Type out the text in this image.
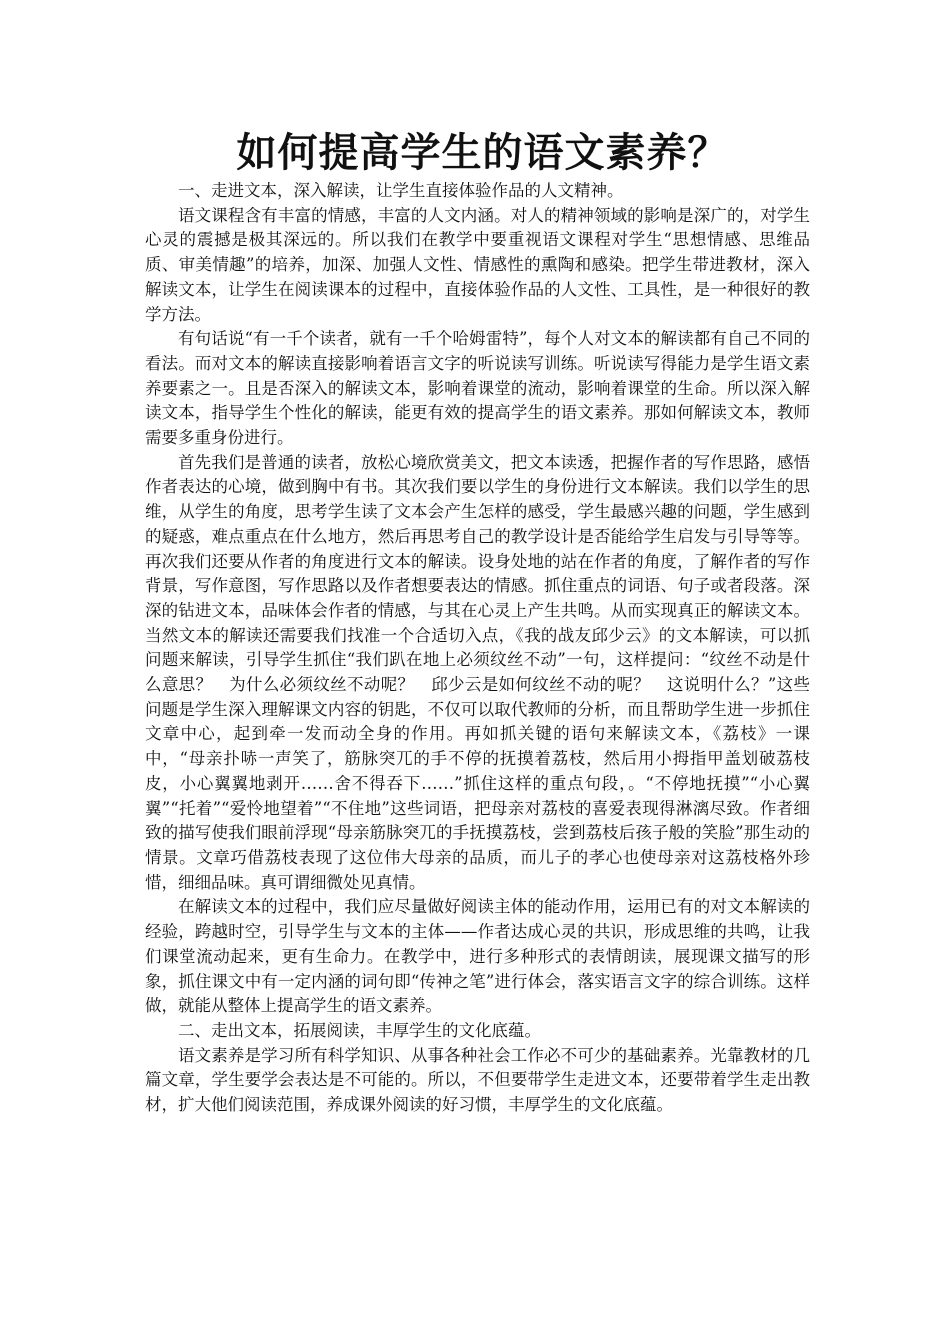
如何提高学生的语文素养？

一、走进文本，深入解读，让学生直接体验作品的人文精神。

语文课程含有丰富的情感，丰富的人文内涵。对人的精神领域的影响是深广的，对学生心灵的震撼是极其深远的。所以我们在教学中要重视语文课程对学生“思想情感、思维品质、审美情趣”的培养，加深、加强人文性、情感性的熏陶和感染。把学生带进教材，深入解读文本，让学生在阅读课本的过程中，直接体验作品的人文性、工具性，是一种很好的教学方法。

有句话说“有一千个读者，就有一千个哈姆雷特”，每个人对文本的解读都有自己不同的看法。而对文本的解读直接影响着语言文字的听说读写训练。听说读写得能力是学生语文素养要素之一。且是否深入的解读文本，影响着课堂的流动，影响着课堂的生命。所以深入解读文本，指导学生个性化的解读，能更有效的提高学生的语文素养。那如何解读文本，教师需要多重身份进行。

首先我们是普通的读者，放松心境欣赏美文，把文本读透，把握作者的写作思路，感悟作者表达的心境，做到胸中有书。其次我们要以学生的身份进行文本解读。我们以学生的思维，从学生的角度，思考学生读了文本会产生怎样的感受，学生最感兴趣的问题，学生感到的疑惑，难点重点在什么地方，然后再思考自己的教学设计是否能给学生启发与引导等等。再次我们还要从作者的角度进行文本的解读。设身处地的站在作者的角度，了解作者的写作背景，写作意图，写作思路以及作者想要表达的情感。抓住重点的词语、句子或者段落。深深的钻进文本，品味体会作者的情感，与其在心灵上产生共鸣。从而实现真正的解读文本。当然文本的解读还需要我们找准一个合适切入点，《我的战友邱少云》的文本解读，可以抓问题来解读，引导学生抓住“我们趴在地上必须纹丝不动”一句，这样提问：“纹丝不动是什么意思？　为什么必须纹丝不动呢？　邱少云是如何纹丝不动的呢？　这说明什么？”这些问题是学生深入理解课文内容的钥匙，不仅可以取代教师的分析，而且帮助学生进一步抓住文章中心，起到牵一发而动全身的作用。再如抓关键的语句来解读文本，《荔枝》一课中，“母亲扑哧一声笑了，筋脉突兀的手不停的抚摸着荔枝，然后用小拇指甲盖划破荔枝皮，小心翼翼地剥开……舍不得吞下……”抓住这样的重点句段，。“不停地抚摸”“小心翼翼”“托着”“爱怜地望着”“不住地”这些词语，把母亲对荔枝的喜爱表现得淋漓尽致。作者细致的描写使我们眼前浮现“母亲筋脉突兀的手抚摸荔枝，尝到荔枝后孩子般的笑脸”那生动的情景。文章巧借荔枝表现了这位伟大母亲的品质，而儿子的孝心也使母亲对这荔枝格外珍惜，细细品味。真可谓细微处见真情。

在解读文本的过程中，我们应尽量做好阅读主体的能动作用，运用已有的对文本解读的经验，跨越时空，引导学生与文本的主体——作者达成心灵的共识，形成思维的共鸣，让我们课堂流动起来，更有生命力。在教学中，进行多种形式的表情朗读，展现课文描写的形象，抓住课文中有一定内涵的词句即“传神之笔”进行体会，落实语言文字的综合训练。这样做，就能从整体上提高学生的语文素养。

二、走出文本，拓展阅读，丰厚学生的文化底蕴。

语文素养是学习所有科学知识、从事各种社会工作必不可少的基础素养。光靠教材的几篇文章，学生要学会表达是不可能的。所以，不但要带学生走进文本，还要带着学生走出教材，扩大他们阅读范围，养成课外阅读的好习惯，丰厚学生的文化底蕴。
